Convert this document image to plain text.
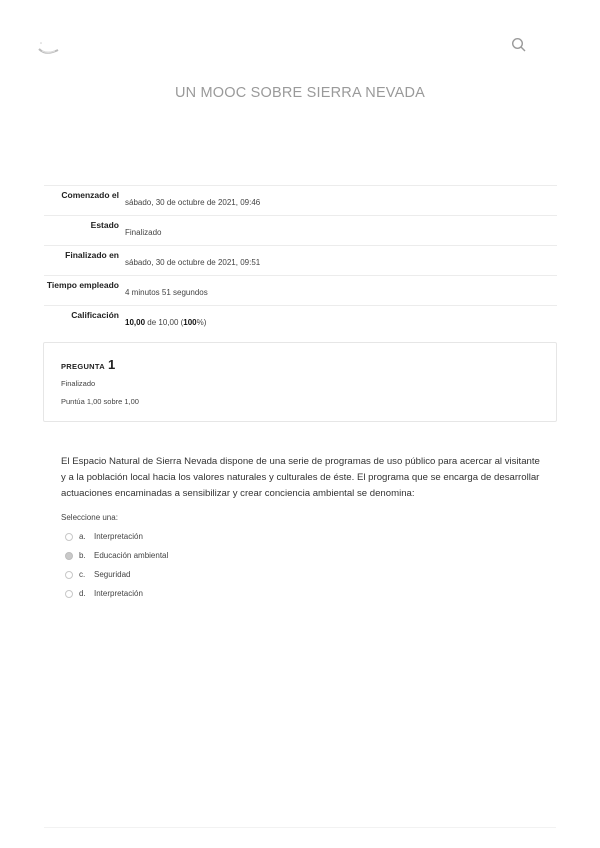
UN MOOC SOBRE SIERRA NEVADA
Comenzado el
sábado, 30 de octubre de 2021, 09:46
Estado
Finalizado
Finalizado en
sábado, 30 de octubre de 2021, 09:51
Tiempo empleado
4 minutos 51 segundos
Calificación
10,00 de 10,00 (100%)
PREGUNTA 1
Finalizado
Puntúa 1,00 sobre 1,00
El Espacio Natural de Sierra Nevada dispone de una serie de programas de uso público para acercar al visitante y a la población local hacia los valores naturales y culturales de éste. El programa que se encarga de desarrollar actuaciones encaminadas a sensibilizar y crear conciencia ambiental se denomina:
Seleccione una:
a.	Interpretación
b.	Educación ambiental
c.	Seguridad
d.	Interpretación
